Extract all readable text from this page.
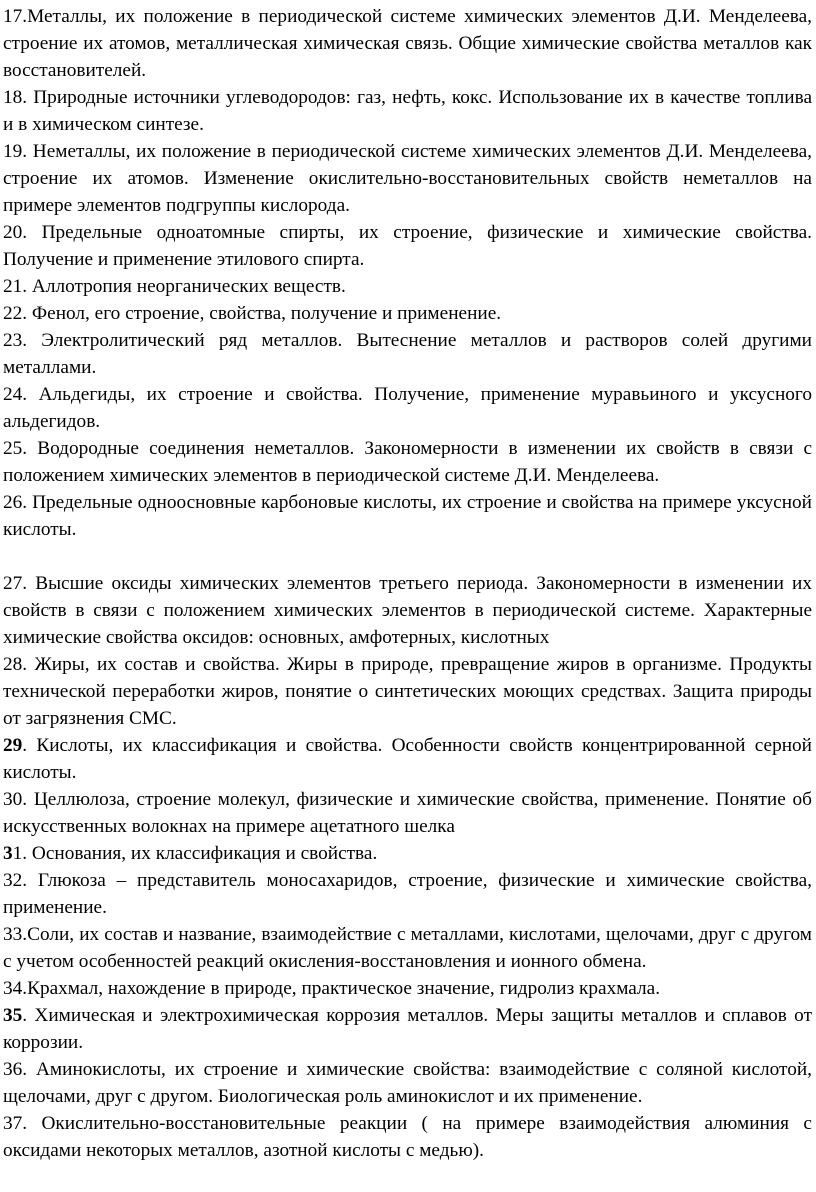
17.Металлы, их положение в периодической системе химических элементов Д.И. Менделеева, строение их атомов, металлическая химическая связь. Общие химические свойства металлов как восстановителей.

18. Природные источники углеводородов: газ, нефть, кокс. Использование их в качестве топлива и в химическом синтезе.

19. Неметаллы, их положение в периодической системе химических элементов Д.И. Менделеева, строение их атомов. Изменение окислительно-восстановительных свойств неметаллов на примере элементов подгруппы кислорода.

20. Предельные одноатомные спирты, их строение, физические и химические свойства. Получение и применение этилового спирта.

21. Аллотропия неорганических веществ.

22. Фенол, его строение, свойства, получение и применение.

23. Электролитический ряд металлов. Вытеснение металлов и растворов солей другими металлами.

24. Альдегиды, их строение и свойства. Получение, применение муравьиного и уксусного альдегидов.

25. Водородные соединения неметаллов. Закономерности в изменении их свойств в связи с положением химических элементов в периодической системе Д.И. Менделеева.

26. Предельные одноосновные карбоновые кислоты, их строение и свойства на примере уксусной кислоты.

27. Высшие оксиды химических элементов третьего периода. Закономерности в изменении их свойств в связи с положением химических элементов в периодической системе. Характерные химические свойства оксидов: основных, амфотерных, кислотных

28. Жиры, их состав и свойства. Жиры в природе, превращение жиров в организме. Продукты технической переработки жиров, понятие о синтетических моющих средствах. Защита природы от загрязнения СМС.

29. Кислоты, их классификация и свойства. Особенности свойств концентрированной серной кислоты.

30. Целлюлоза, строение молекул, физические и химические свойства, применение. Понятие об искусственных волокнах на примере ацетатного шелка

31. Основания, их классификация и свойства.

32. Глюкоза – представитель моносахаридов, строение, физические и химические свойства, применение.

33.Соли, их состав и название, взаимодействие с металлами, кислотами, щелочами, друг с другом с учетом особенностей реакций окисления-восстановления и ионного обмена.

34.Крахмал, нахождение в природе, практическое значение, гидролиз крахмала.

35. Химическая и электрохимическая коррозия металлов. Меры защиты металлов и сплавов от коррозии.

36. Аминокислоты, их строение и химические свойства: взаимодействие с соляной кислотой, щелочами, друг с другом. Биологическая роль аминокислот и их применение.

37. Окислительно-восстановительные реакции ( на примере взаимодействия алюминия с оксидами некоторых металлов, азотной кислоты с медью).
